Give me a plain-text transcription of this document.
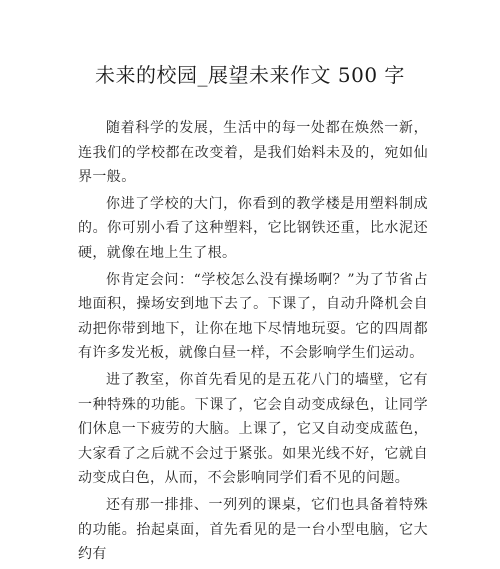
未来的校园_展望未来作文 500 字

随着科学的发展，生活中的每一处都在焕然一新，连我们的学校都在改变着，是我们始料未及的，宛如仙界一般。

你进了学校的大门，你看到的教学楼是用塑料制成的。你可别小看了这种塑料，它比钢铁还重，比水泥还硬，就像在地上生了根。

你肯定会问：“学校怎么没有操场啊？”为了节省占地面积，操场安到地下去了。下课了，自动升降机会自动把你带到地下，让你在地下尽情地玩耍。它的四周都有许多发光板，就像白昼一样，不会影响学生们运动。

进了教室，你首先看见的是五花八门的墙壁，它有一种特殊的功能。下课了，它会自动变成绿色，让同学们休息一下疲劳的大脑。上课了，它又自动变成蓝色，大家看了之后就不会过于紧张。如果光线不好，它就自动变成白色，从而，不会影响同学们看不见的问题。

还有那一排排、一列列的课桌，它们也具备着特殊的功能。抬起桌面，首先看见的是一台小型电脑，它大约有
